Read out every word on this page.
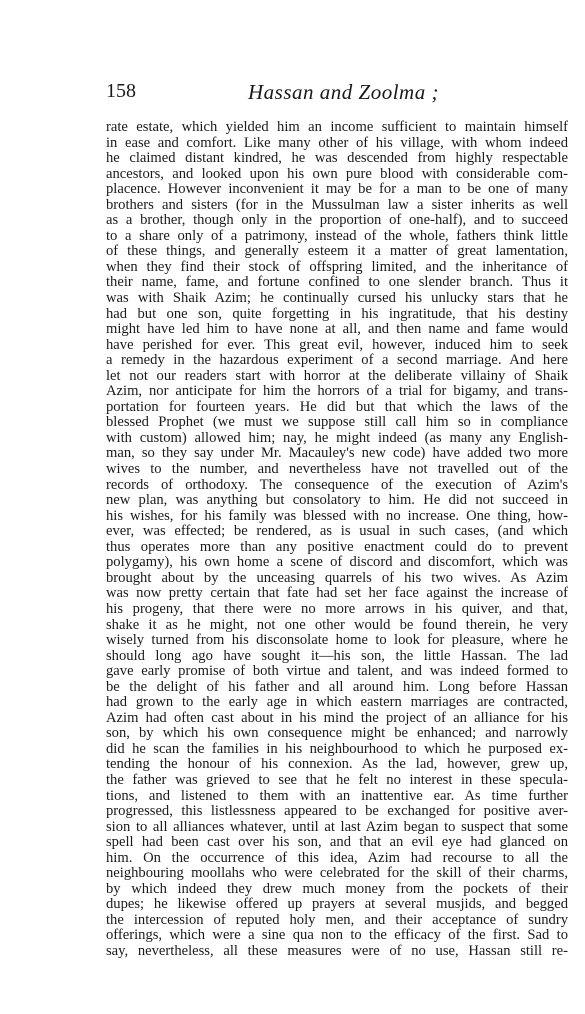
158	Hassan and Zoolma ;
rate estate, which yielded him an income sufficient to maintain himself
in ease and comfort. Like many other of his village, with whom indeed
he claimed distant kindred, he was descended from highly respectable
ancestors, and looked upon his own pure blood with considerable com-
placence. However inconvenient it may be for a man to be one of many
brothers and sisters (for in the Mussulman law a sister inherits as well
as a brother, though only in the proportion of one-half), and to succeed
to a share only of a patrimony, instead of the whole, fathers think little
of these things, and generally esteem it a matter of great lamentation,
when they find their stock of offspring limited, and the inheritance of
their name, fame, and fortune confined to one slender branch. Thus it
was with Shaik Azim; he continually cursed his unlucky stars that he
had but one son, quite forgetting in his ingratitude, that his destiny
might have led him to have none at all, and then name and fame would
have perished for ever. This great evil, however, induced him to seek
a remedy in the hazardous experiment of a second marriage. And here
let not our readers start with horror at the deliberate villainy of Shaik
Azim, nor anticipate for him the horrors of a trial for bigamy, and trans-
portation for fourteen years. He did but that which the laws of the
blessed Prophet (we must we suppose still call him so in compliance
with custom) allowed him; nay, he might indeed (as many any English-
man, so they say under Mr. Macauley's new code) have added two more
wives to the number, and nevertheless have not travelled out of the
records of orthodoxy. The consequence of the execution of Azim's
new plan, was anything but consolatory to him. He did not succeed in
his wishes, for his family was blessed with no increase. One thing, how-
ever, was effected; be rendered, as is usual in such cases, (and which
thus operates more than any positive enactment could do to prevent
polygamy), his own home a scene of discord and discomfort, which was
brought about by the unceasing quarrels of his two wives. As Azim
was now pretty certain that fate had set her face against the increase of
his progeny, that there were no more arrows in his quiver, and that,
shake it as he might, not one other would be found therein, he very
wisely turned from his disconsolate home to look for pleasure, where he
should long ago have sought it—his son, the little Hassan. The lad
gave early promise of both virtue and talent, and was indeed formed to
be the delight of his father and all around him. Long before Hassan
had grown to the early age in which eastern marriages are contracted,
Azim had often cast about in his mind the project of an alliance for his
son, by which his own consequence might be enhanced; and narrowly
did he scan the families in his neighbourhood to which he purposed ex-
tending the honour of his connexion. As the lad, however, grew up,
the father was grieved to see that he felt no interest in these specula-
tions, and listened to them with an inattentive ear. As time further
progressed, this listlessness appeared to be exchanged for positive aver-
sion to all alliances whatever, until at last Azim began to suspect that some
spell had been cast over his son, and that an evil eye had glanced on
him. On the occurrence of this idea, Azim had recourse to all the
neighbouring moollahs who were celebrated for the skill of their charms,
by which indeed they drew much money from the pockets of their
dupes; he likewise offered up prayers at several musjids, and begged
the intercession of reputed holy men, and their acceptance of sundry
offerings, which were a sine qua non to the efficacy of the first. Sad to
say, nevertheless, all these measures were of no use, Hassan still re-
